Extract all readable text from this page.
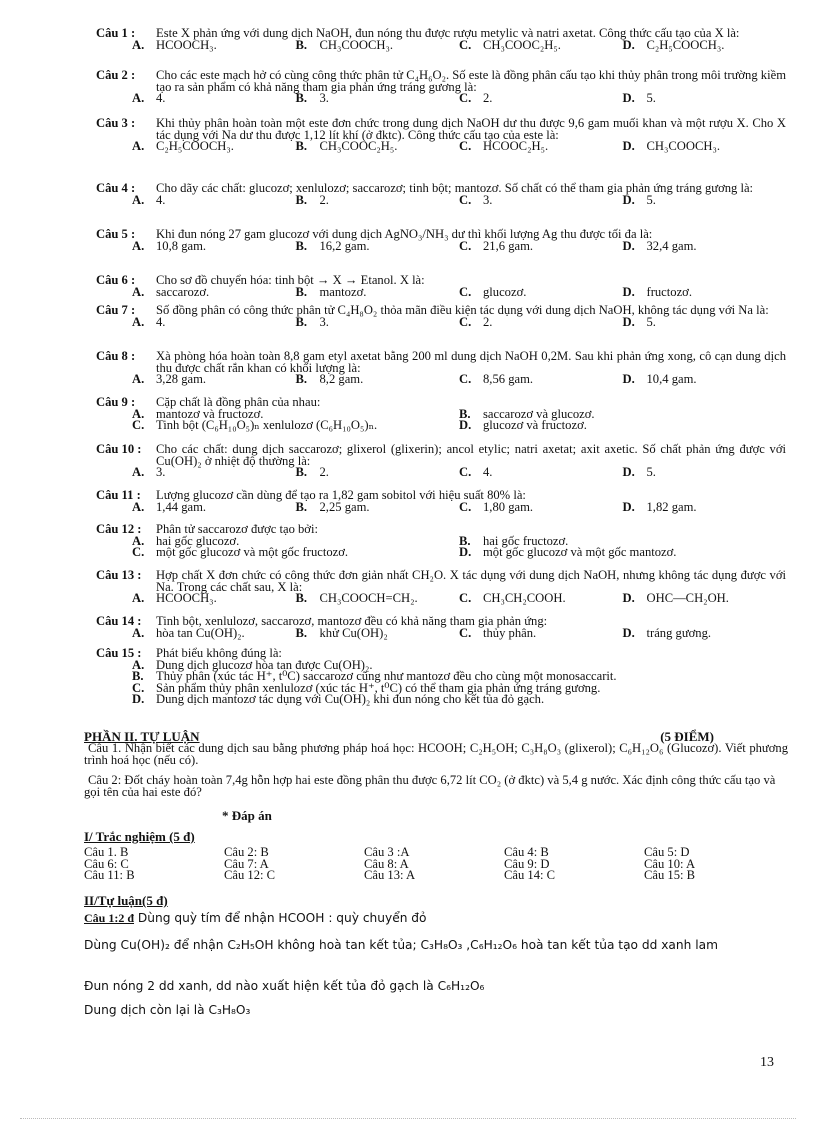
Câu 1 :	Este X phản ứng với dung dịch NaOH, đun nóng thu được rượu metylic và natri axetat. Công thức cấu tạo của X là:
A. HCOOCH₃.	B. CH₃COOCH₃.	C. CH₃COOC₂H₅.	D. C₂H₅COOCH₃.
Câu 2 :	Cho các este mạch hở có cùng công thức phân tử C₄H₆O₂. Số este là đồng phân cấu tạo khi thủy phân trong môi trường kiềm tạo ra sản phẩm có khả năng tham gia phản ứng tráng gương là:
A. 4.	B. 3.	C. 2.	D. 5.
Câu 3 :	Khi thủy phân hoàn toàn một este đơn chức trong dung dịch NaOH dư thu được 9,6 gam muối khan và một rượu X. Cho X tác dụng với Na dư thu được 1,12 lít khí (ở đktc). Công thức cấu tạo của este là:
A. C₂H₅COOCH₃.	B. CH₃COOC₂H₅.	C. HCOOC₂H₅.	D. CH₃COOCH₃.
Câu 4 :	Cho dãy các chất: glucozơ; xenlulozơ; saccarozơ; tinh bột; mantozơ. Số chất có thể tham gia phản ứng tráng gương là:
A. 4.	B. 2.	C. 3.	D. 5.
Câu 5 :	Khi đun nóng 27 gam glucozơ với dung dịch AgNO₃/NH₃ dư thì khối lượng Ag thu được tối đa là:
A. 10,8 gam.	B. 16,2 gam.	C. 21,6 gam.	D. 32,4 gam.
Câu 6 :	Cho sơ đồ chuyển hóa: tinh bột → X → Etanol. X là:
A. saccarozơ.	B. mantozơ.	C. glucozơ.	D. fructozơ.
Câu 7 :	Số đồng phân có công thức phân tử C₄H₈O₂ thỏa mãn điều kiện tác dụng với dung dịch NaOH, không tác dụng với Na là:
A. 4.	B. 3.	C. 2.	D. 5.
Câu 8 :	Xà phòng hóa hoàn toàn 8,8 gam etyl axetat bằng 200 ml dung dịch NaOH 0,2M. Sau khi phản ứng xong, cô cạn dung dịch thu được chất rắn khan có khối lượng là:
A. 3,28 gam.	B. 8,2 gam.	C. 8,56 gam.	D. 10,4 gam.
Câu 9 :	Cặp chất là đồng phân của nhau:
A. mantozơ và fructozơ.	B. saccarozơ và glucozơ.
C. Tinh bột (C₆H₁₀O₅)ₙ xenlulozơ (C₆H₁₀O₅)ₙ.	D. glucozơ và fructozơ.
Câu 10 :	Cho các chất: dung dịch saccarozơ; glixerol (glixerin); ancol etylic; natri axetat; axit axetic. Số chất phản ứng được với Cu(OH)₂ ở nhiệt độ thường là:
A. 3.	B. 2.	C. 4.	D. 5.
Câu 11 :	Lượng glucozơ cần dùng để tạo ra 1,82 gam sobitol với hiệu suất 80% là:
A. 1,44 gam.	B. 2,25 gam.	C. 1,80 gam.	D. 1,82 gam.
Câu 12 :	Phân tử saccarozơ được tạo bởi:
A. hai gốc glucozơ.	B. hai gốc fructozơ.
C. một gốc glucozơ và một gốc fructozơ.	D. một gốc glucozơ và một gốc mantozơ.
Câu 13 :	Hợp chất X đơn chức có công thức đơn giản nhất CH₂O. X tác dụng với dung dịch NaOH, nhưng không tác dụng được với Na. Trong các chất sau, X là:
A. HCOOCH₃.	B. CH₃COOCH=CH₂.	C. CH₃CH₂COOH.	D. OHC—CH₂OH.
Câu 14 :	Tinh bột, xenlulozơ, saccarozơ, mantozơ đều có khả năng tham gia phản ứng:
A. hòa tan Cu(OH)₂.	B. khử Cu(OH)₂	C. thủy phân.	D. tráng gương.
Câu 15 :	Phát biểu không đúng là:
A. Dung dịch glucozơ hòa tan được Cu(OH)₂.
B. Thủy phân (xúc tác H⁺, t⁰C) saccarozơ cũng như mantozơ đều cho cùng một monosaccarit.
C. Sản phẩm thủy phân xenlulozơ (xúc tác H⁺, t⁰C) có thể tham gia phản ứng tráng gương.
D. Dung dịch mantozơ tác dụng với Cu(OH)₂ khi đun nóng cho kết tủa đỏ gạch.
PHẦN II. TỰ LUẬN	(5 ĐIỂM)
Câu 1. Nhận biết các dung dịch sau bằng phương pháp hoá học: HCOOH; C₂H₅OH; C₃H₈O₃ (glixerol); C₆H₁₂O₆ (Glucozơ). Viết phương trình hoá học (nếu có).
Câu 2: Đốt cháy hoàn toàn 7,4g hỗn hợp hai este đồng phân thu được 6,72 lít CO₂ (ở đktc) và 5,4 g nước. Xác định công thức cấu tạo và gọi tên của hai este đó?
* Đáp án
I/ Trắc nghiệm (5 đ)
Câu 1. B	Câu 2: B	Câu 3 :A	Câu 4: B	Câu 5: D
Câu 6: C	Câu 7: A	Câu 8: A	Câu 9: D	Câu 10: A
Câu 11: B	Câu 12: C	Câu 13: A	Câu 14: C	Câu 15: B
II/Tự luận(5 đ)
Câu 1:2 đ Dùng quỳ tím để nhận HCOOH : quỳ chuyển đỏ
Dùng Cu(OH)₂ để nhận C₂H₅OH không hoà tan kết tủa; C₃H₈O₃ ,C₆H₁₂O₆ hoà tan kết tủa tạo dd xanh lam
Đun nóng 2 dd xanh, dd nào xuất hiện kết tủa đỏ gạch là C₆H₁₂O₆
Dung dịch còn lại là C₃H₈O₃
13
